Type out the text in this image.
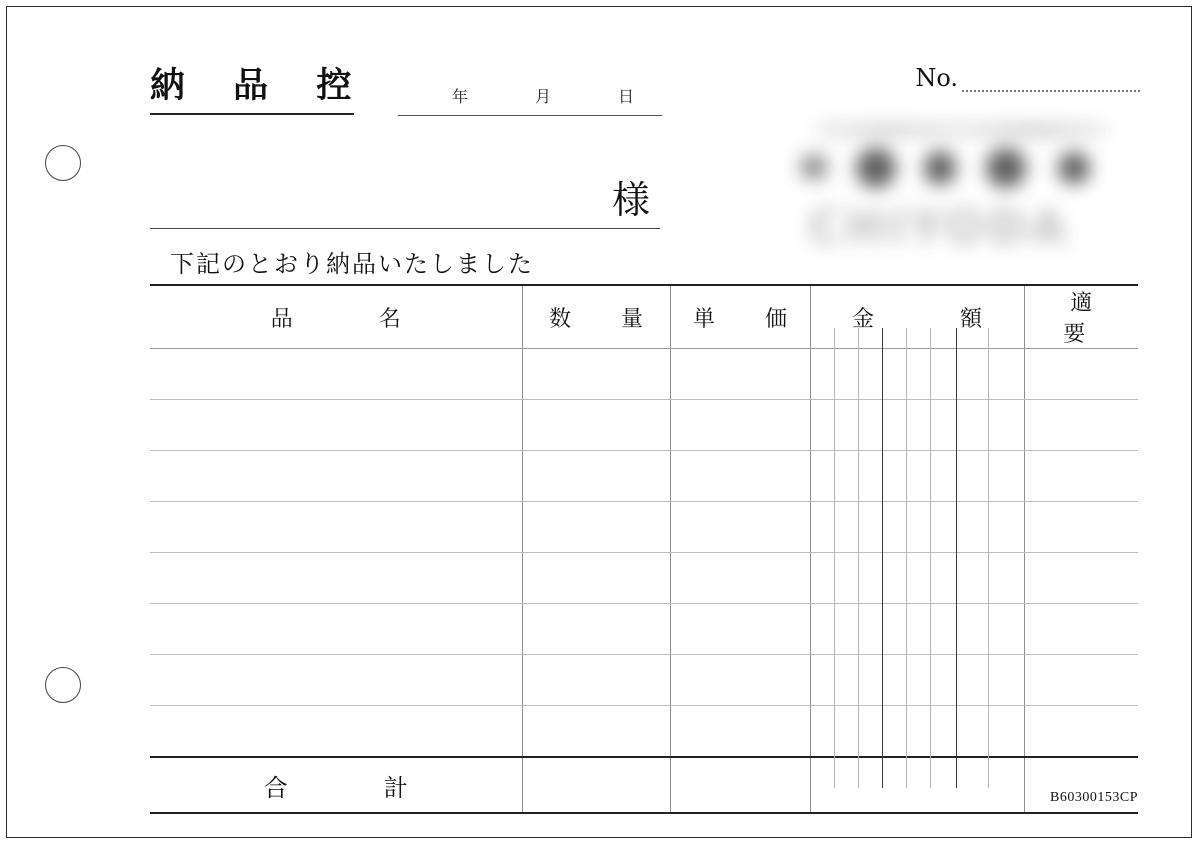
納 品 控	年	月	日
No.
CHIYODA
様
下記のとおり納品いたしました
品　　名	数　量	単　価	金　　額	適　要

合　　計					B60300153CP
